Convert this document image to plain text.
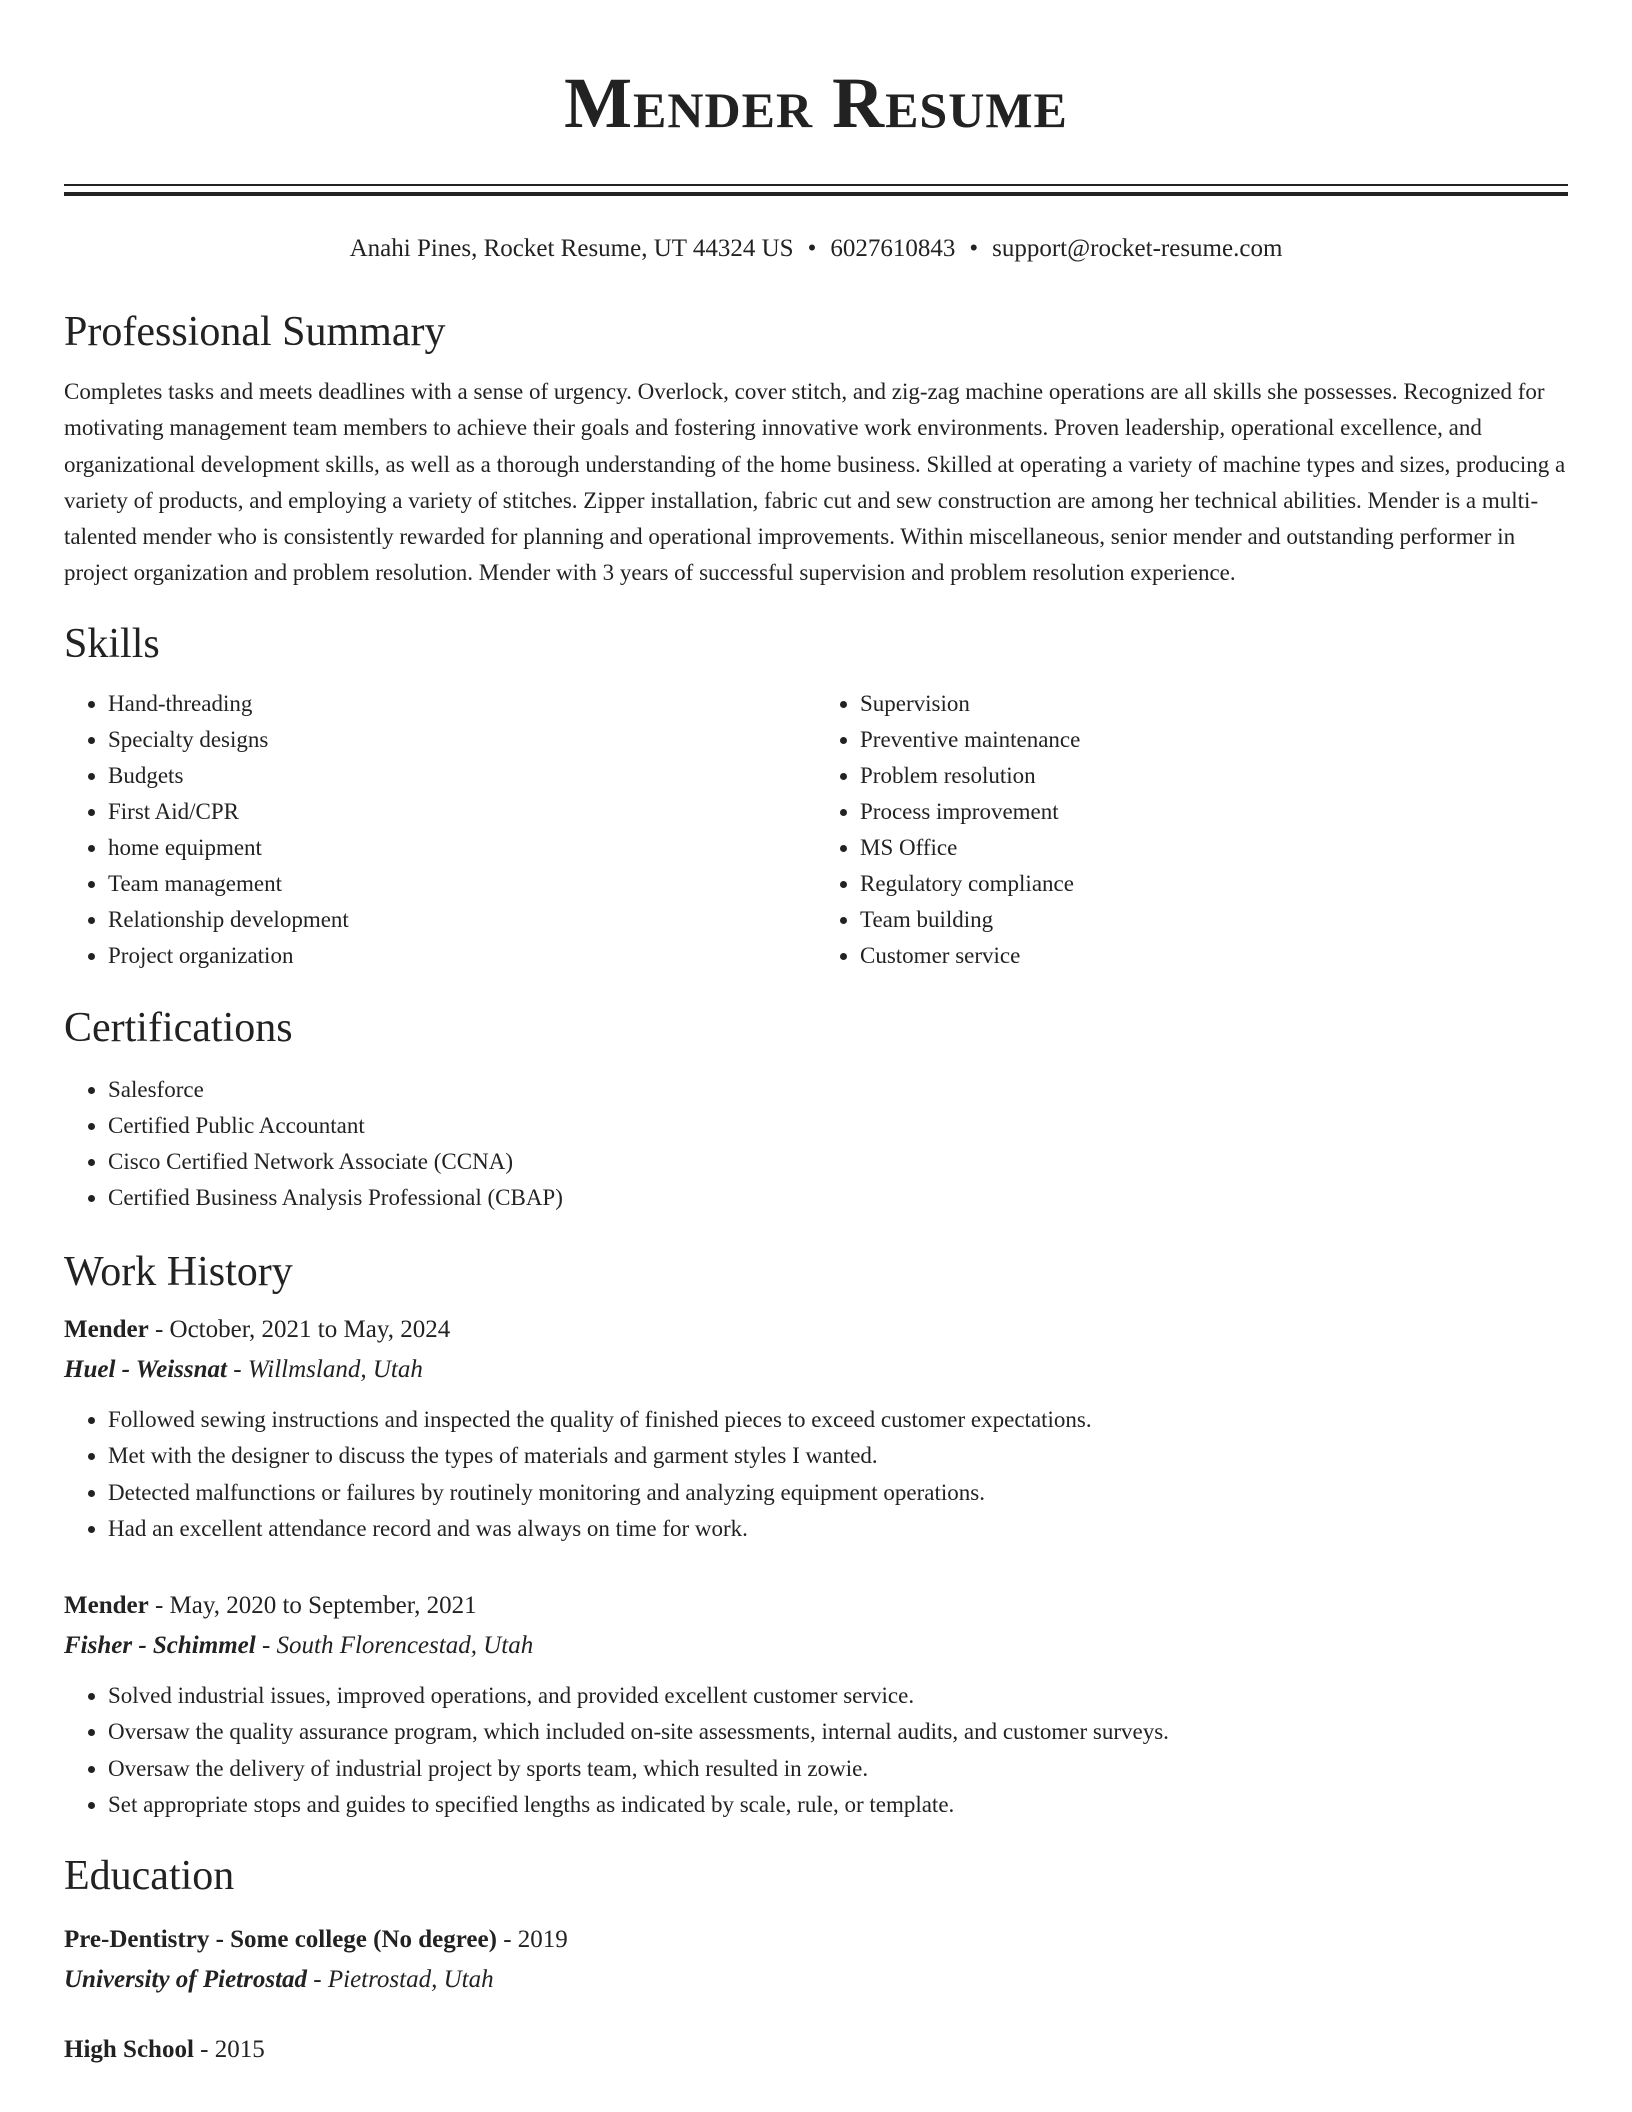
Mender Resume
Anahi Pines, Rocket Resume, UT 44324 US • 6027610843 • support@rocket-resume.com
Professional Summary

Completes tasks and meets deadlines with a sense of urgency. Overlock, cover stitch, and zig-zag machine operations are all skills she possesses. Recognized for motivating management team members to achieve their goals and fostering innovative work environments. Proven leadership, operational excellence, and organizational development skills, as well as a thorough understanding of the home business. Skilled at operating a variety of machine types and sizes, producing a variety of products, and employing a variety of stitches. Zipper installation, fabric cut and sew construction are among her technical abilities. Mender is a multi-talented mender who is consistently rewarded for planning and operational improvements. Within miscellaneous, senior mender and outstanding performer in project organization and problem resolution. Mender with 3 years of successful supervision and problem resolution experience.

Skills
• Hand-threading
• Specialty designs
• Budgets
• First Aid/CPR
• home equipment
• Team management
• Relationship development
• Project organization
• Supervision
• Preventive maintenance
• Problem resolution
• Process improvement
• MS Office
• Regulatory compliance
• Team building
• Customer service
Certifications
• Salesforce
• Certified Public Accountant
• Cisco Certified Network Associate (CCNA)
• Certified Business Analysis Professional (CBAP)
Work History
Mender - October, 2021 to May, 2024
Huel - Weissnat - Willmsland, Utah
• Followed sewing instructions and inspected the quality of finished pieces to exceed customer expectations.
• Met with the designer to discuss the types of materials and garment styles I wanted.
• Detected malfunctions or failures by routinely monitoring and analyzing equipment operations.
• Had an excellent attendance record and was always on time for work.
Mender - May, 2020 to September, 2021
Fisher - Schimmel - South Florencestad, Utah
• Solved industrial issues, improved operations, and provided excellent customer service.
• Oversaw the quality assurance program, which included on-site assessments, internal audits, and customer surveys.
• Oversaw the delivery of industrial project by sports team, which resulted in zowie.
• Set appropriate stops and guides to specified lengths as indicated by scale, rule, or template.
Education
Pre-Dentistry - Some college (No degree) - 2019
University of Pietrostad - Pietrostad, Utah
High School - 2015
